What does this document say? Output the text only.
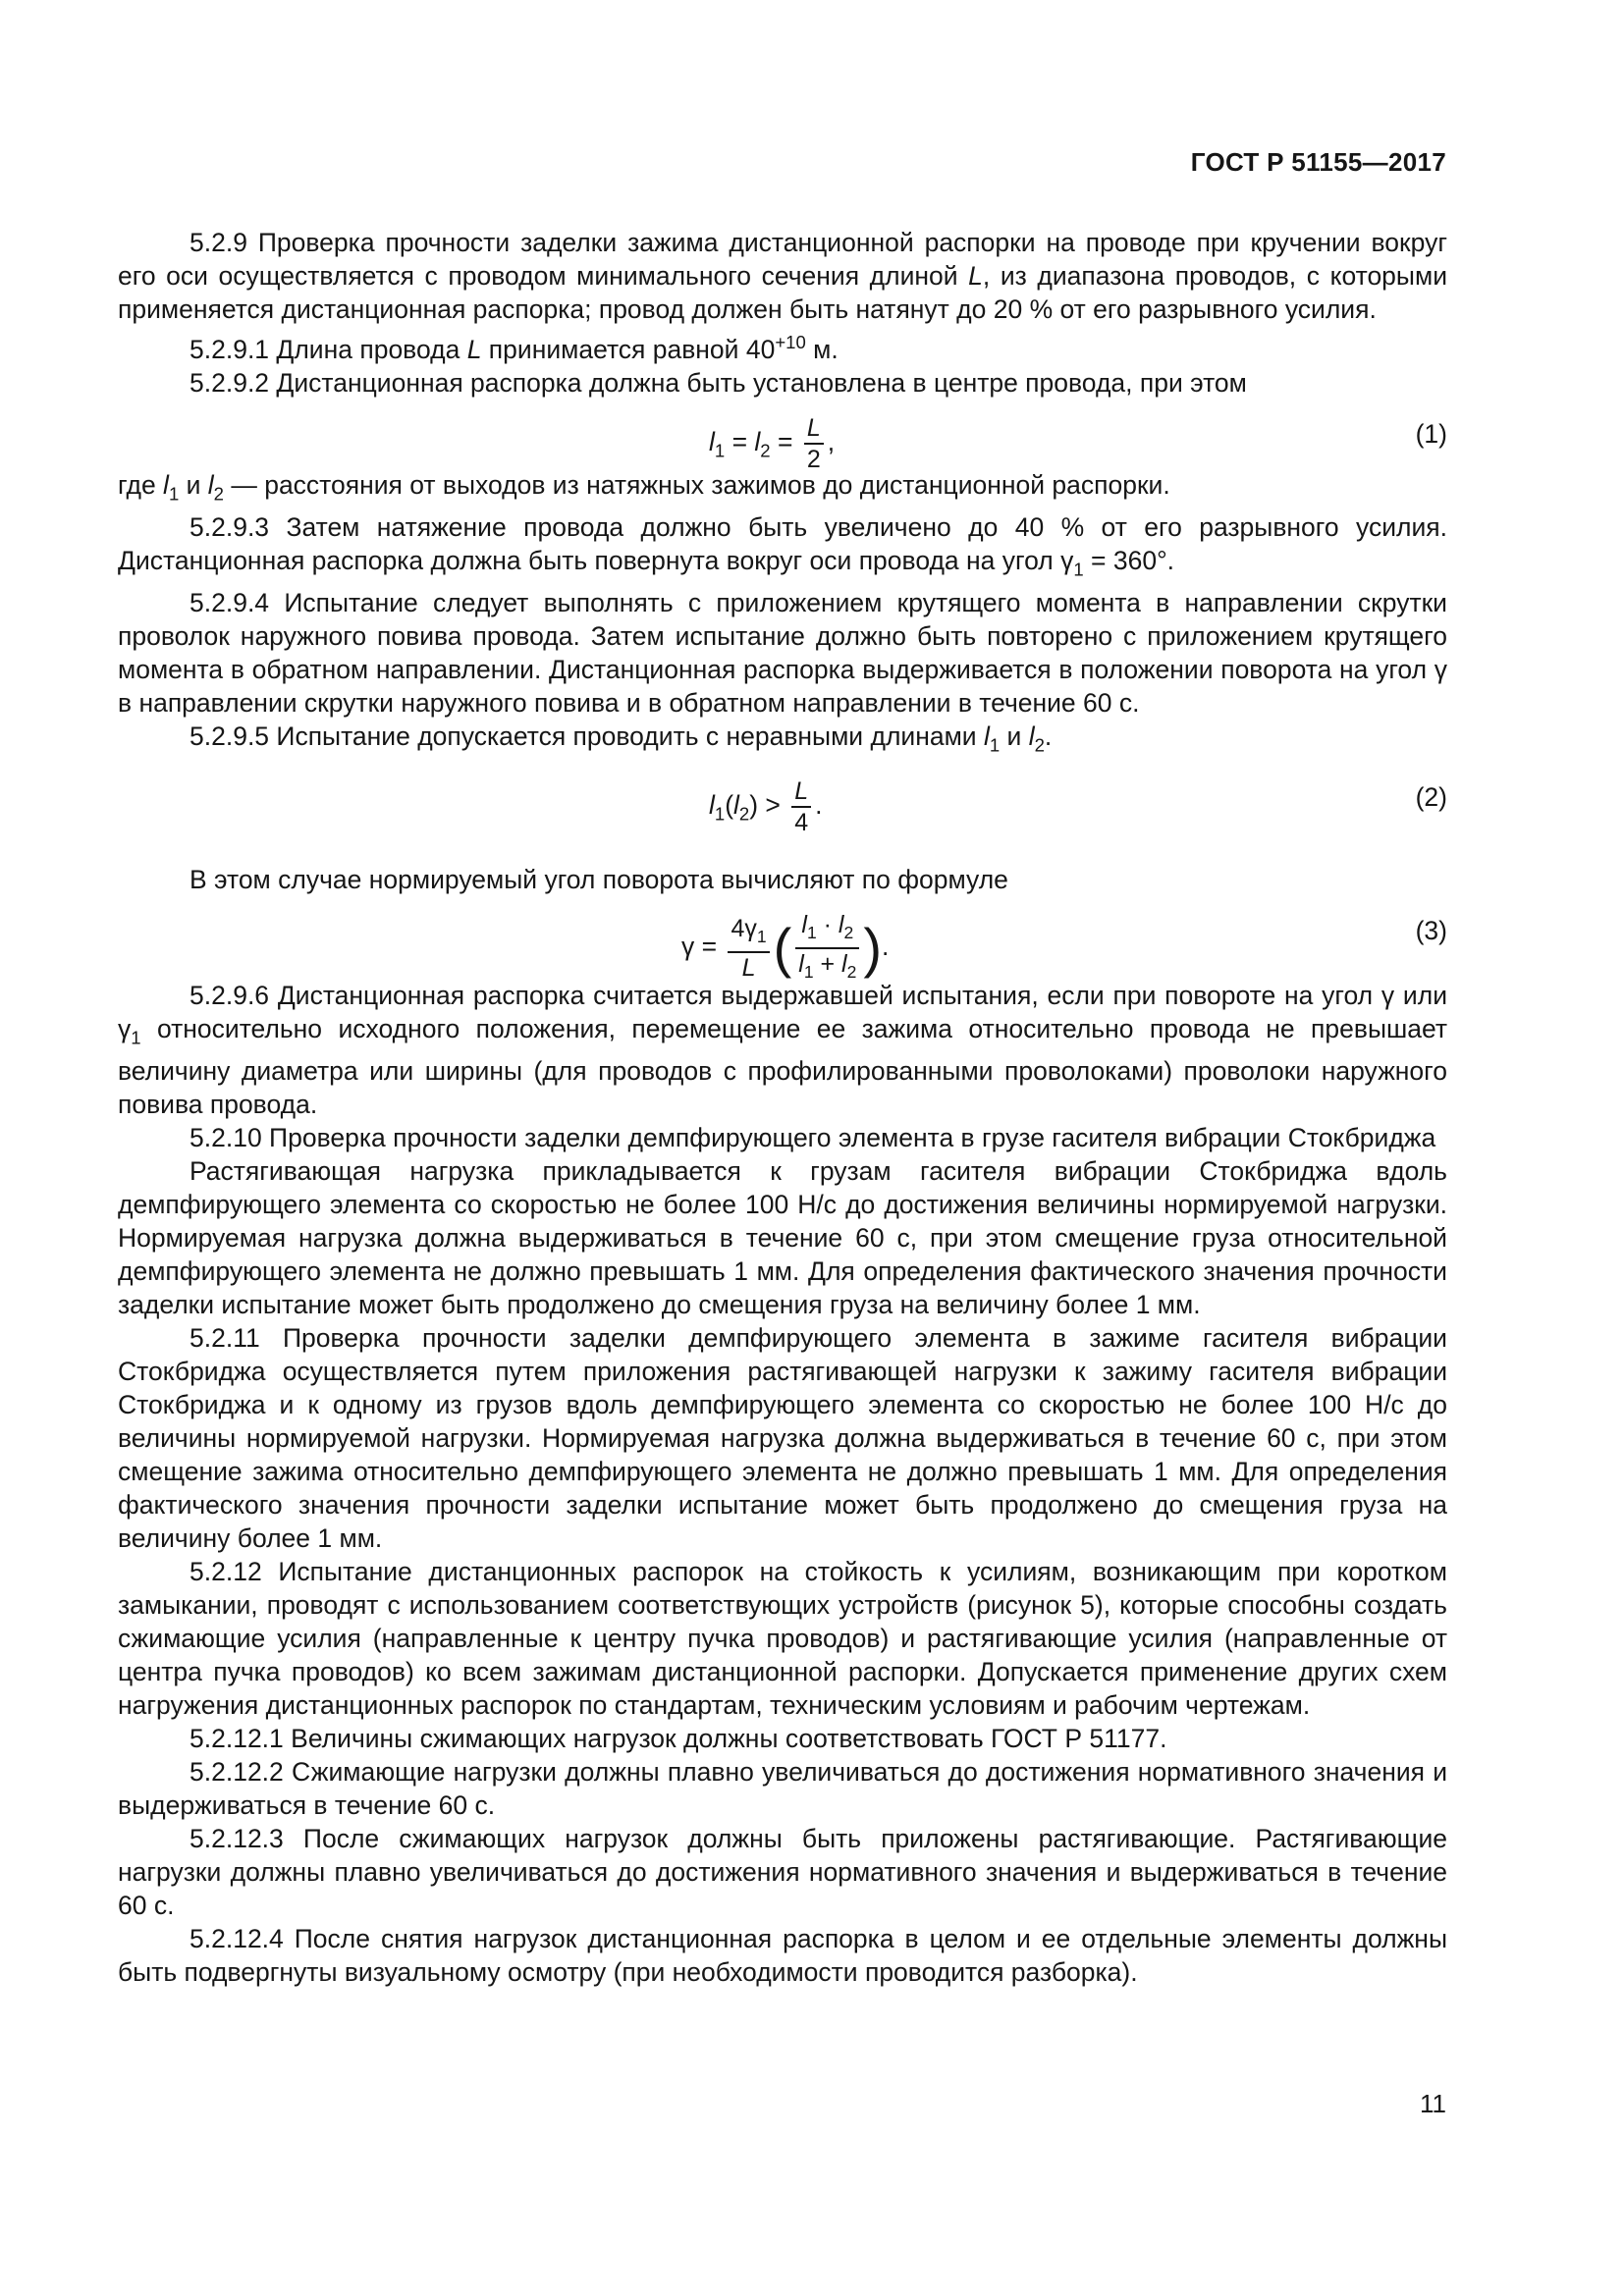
ГОСТ Р 51155—2017

5.2.9 Проверка прочности заделки зажима дистанционной распорки на проводе при кручении вокруг его оси осуществляется с проводом минимального сечения длиной L, из диапазона проводов, с которыми применяется дистанционная распорка; провод должен быть натянут до 20 % от его разрывного усилия.

5.2.9.1 Длина провода L принимается равной $40^{+10}$ м.

5.2.9.2 Дистанционная распорка должна быть установлена в центре провода, при этом

$l_1 = l_2 = \frac{L}{2}$ ,	(1)

где $l_1$ и $l_2$ — расстояния от выходов из натяжных зажимов до дистанционной распорки.

5.2.9.3 Затем натяжение провода должно быть увеличено до 40 % от его разрывного усилия. Дистанционная распорка должна быть повернута вокруг оси провода на угол $\gamma_1 = 360^\circ$.

5.2.9.4 Испытание следует выполнять с приложением крутящего момента в направлении скрутки проволок наружного повива провода. Затем испытание должно быть повторено с приложением крутящего момента в обратном направлении. Дистанционная распорка выдерживается в положении поворота на угол γ в направлении скрутки наружного повива и в обратном направлении в течение 60 с.

5.2.9.5 Испытание допускается проводить с неравными длинами $l_1$ и $l_2$.

$l_1(l_2) > \frac{L}{4}$ .	(2)

В этом случае нормируемый угол поворота вычисляют по формуле

$\gamma = \frac{4\gamma_1}{L}$ ( $\frac{l_1 \cdot l_2}{l_1 + l_2}$ ).
(3)

5.2.9.6 Дистанционная распорка считается выдержавшей испытания, если при повороте на угол γ или $\gamma_1$ относительно исходного положения, перемещение ее зажима относительно провода не превышает величину диаметра или ширины (для проводов с профилированными проволоками) проволоки наружного повива провода.

5.2.10 Проверка прочности заделки демпфирующего элемента в грузе гасителя вибрации Стокбриджа

Растягивающая нагрузка прикладывается к грузам гасителя вибрации Стокбриджа вдоль демпфирующего элемента со скоростью не более 100 Н/с до достижения величины нормируемой нагрузки. Нормируемая нагрузка должна выдерживаться в течение 60 с, при этом смещение груза относительной демпфирующего элемента не должно превышать 1 мм. Для определения фактического значения прочности заделки испытание может быть продолжено до смещения груза на величину более 1 мм.

5.2.11 Проверка прочности заделки демпфирующего элемента в зажиме гасителя вибрации Стокбриджа осуществляется путем приложения растягивающей нагрузки к зажиму гасителя вибрации Стокбриджа и к одному из грузов вдоль демпфирующего элемента со скоростью не более 100 Н/с до величины нормируемой нагрузки. Нормируемая нагрузка должна выдерживаться в течение 60 с, при этом смещение зажима относительно демпфирующего элемента не должно превышать 1 мм. Для определения фактического значения прочности заделки испытание может быть продолжено до смещения груза на величину более 1 мм.

5.2.12 Испытание дистанционных распорок на стойкость к усилиям, возникающим при коротком замыкании, проводят с использованием соответствующих устройств (рисунок 5), которые способны создать сжимающие усилия (направленные к центру пучка проводов) и растягивающие усилия (направленные от центра пучка проводов) ко всем зажимам дистанционной распорки. Допускается применение других схем нагружения дистанционных распорок по стандартам, техническим условиям и рабочим чертежам.

5.2.12.1 Величины сжимающих нагрузок должны соответствовать ГОСТ Р 51177.

5.2.12.2 Сжимающие нагрузки должны плавно увеличиваться до достижения нормативного значения и выдерживаться в течение 60 с.

5.2.12.3 После сжимающих нагрузок должны быть приложены растягивающие. Растягивающие нагрузки должны плавно увеличиваться до достижения нормативного значения и выдерживаться в течение 60 с.

5.2.12.4 После снятия нагрузок дистанционная распорка в целом и ее отдельные элементы должны быть подвергнуты визуальному осмотру (при необходимости проводится разборка).

11
